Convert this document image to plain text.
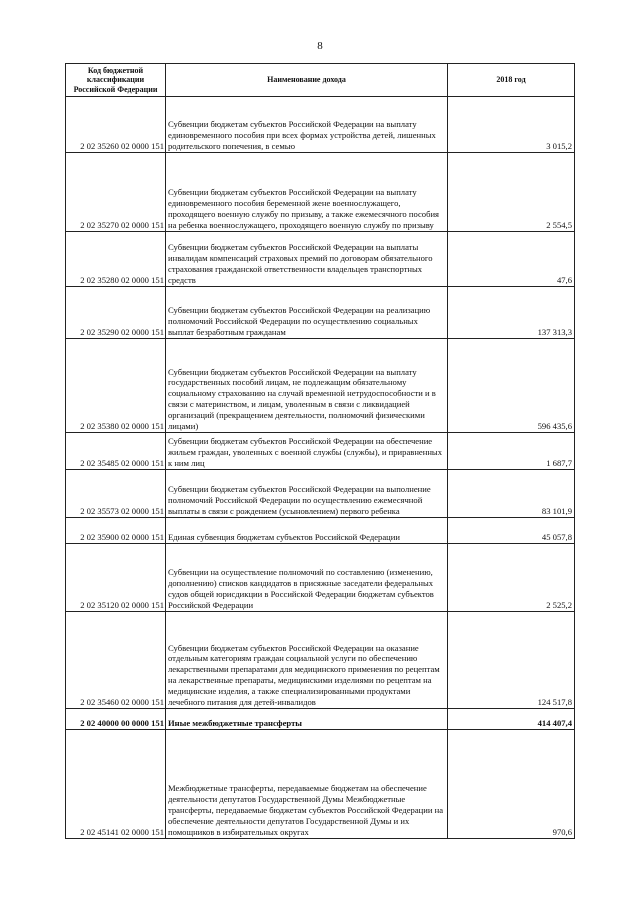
8
Код бюджетной классификации Российской Федерации	Наименование дохода	2018 год
2 02 35260 02 0000 151	Субвенции бюджетам субъектов Российской Федерации на выплату единовременного пособия при всех формах устройства детей, лишенных родительского попечения, в семью	3 015,2
2 02 35270 02 0000 151	Субвенции бюджетам субъектов Российской Федерации на выплату единовременного пособия беременной жене военнослужащего, проходящего военную службу по призыву, а также ежемесячного пособия на ребенка военнослужащего, проходящего военную службу по призыву	2 554,5
2 02 35280 02 0000 151	Субвенции бюджетам субъектов Российской Федерации на выплаты инвалидам компенсаций страховых премий по договорам обязательного страхования гражданской ответственности владельцев транспортных средств	47,6
2 02 35290 02 0000 151	Субвенции бюджетам субъектов Российской Федерации на реализацию полномочий Российской Федерации по осуществлению социальных выплат безработным гражданам	137 313,3
2 02 35380 02 0000 151	Субвенции бюджетам субъектов Российской Федерации на выплату государственных пособий лицам, не подлежащим обязательному социальному страхованию на случай временной нетрудоспособности и в связи с материнством, и лицам, уволенным в связи с ликвидацией организаций (прекращением деятельности, полномочий физическими лицами)	596 435,6
2 02 35485 02 0000 151	Субвенции бюджетам субъектов Российской Федерации на обеспечение жильем граждан, уволенных с военной службы (службы), и приравненных к ним лиц	1 687,7
2 02 35573 02 0000 151	Субвенции бюджетам субъектов Российской Федерации на выполнение полномочий Российской Федерации по осуществлению ежемесячной выплаты в связи с рождением (усыновлением) первого ребенка	83 101,9
2 02 35900 02 0000 151	Единая субвенция бюджетам субъектов Российской Федерации	45 057,8
2 02 35120 02 0000 151	Субвенции на осуществление полномочий по составлению (изменению, дополнению) списков кандидатов в присяжные заседатели федеральных судов общей юрисдикции в Российской Федерации бюджетам субъектов Российской Федерации	2 525,2
2 02 35460 02 0000 151	Субвенции бюджетам субъектов Российской Федерации на оказание отдельным категориям граждан социальной услуги по обеспечению лекарственными препаратами для медицинского применения по рецептам на лекарственные препараты, медицинскими изделиями по рецептам на медицинские изделия, а также специализированными продуктами лечебного питания для детей-инвалидов	124 517,8
2 02 40000 00 0000 151	Иные межбюджетные трансферты	414 407,4
2 02 45141 02 0000 151	Межбюджетные трансферты, передаваемые бюджетам на обеспечение деятельности депутатов Государственной Думы Межбюджетные трансферты, передаваемые бюджетам субъектов Российской Федерации на обеспечение деятельности депутатов Государственной Думы и их помощников в избирательных округах	970,6
